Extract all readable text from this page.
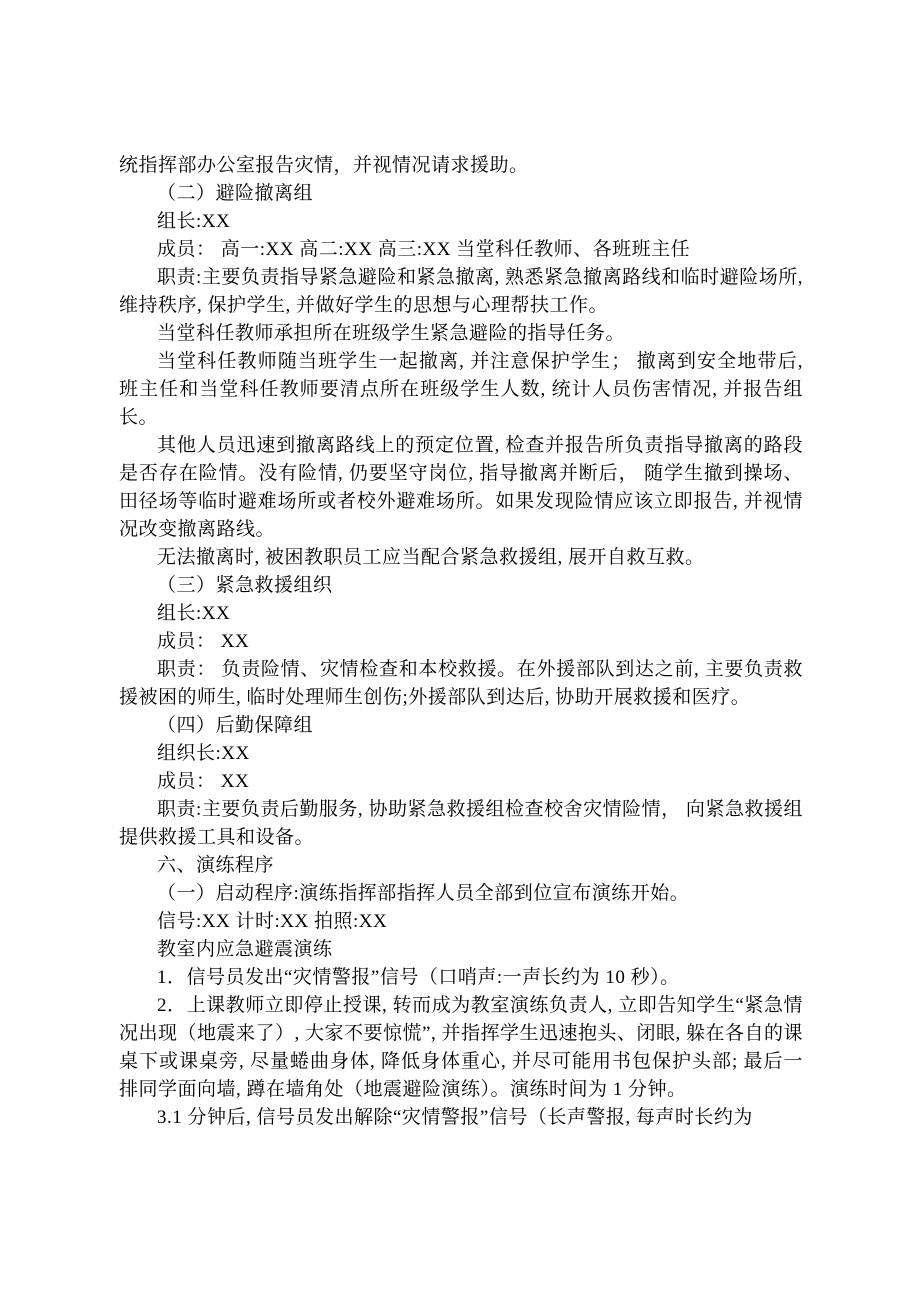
统指挥部办公室报告灾情，并视情况请求援助。

（二）避险撤离组

组长:XX

成员： 高一:XX 高二:XX 高三:XX 当堂科任教师、各班班主任

职责:主要负责指导紧急避险和紧急撤离, 熟悉紧急撤离路线和临时避险场所, 维持秩序, 保护学生, 并做好学生的思想与心理帮扶工作。

当堂科任教师承担所在班级学生紧急避险的指导任务。

当堂科任教师随当班学生一起撤离, 并注意保护学生； 撤离到安全地带后, 班主任和当堂科任教师要清点所在班级学生人数, 统计人员伤害情况, 并报告组长。

其他人员迅速到撤离路线上的预定位置, 检查并报告所负责指导撤离的路段是否存在险情。没有险情, 仍要坚守岗位, 指导撤离并断后， 随学生撤到操场、田径场等临时避难场所或者校外避难场所。如果发现险情应该立即报告, 并视情况改变撤离路线。

无法撤离时, 被困教职员工应当配合紧急救援组, 展开自救互救。

（三）紧急救援组织

组长:XX

成员： XX

职责： 负责险情、灾情检查和本校救援。在外援部队到达之前, 主要负责救援被困的师生, 临时处理师生创伤;外援部队到达后, 协助开展救援和医疗。

（四）后勤保障组

组织长:XX

成员： XX

职责:主要负责后勤服务, 协助紧急救援组检查校舍灾情险情， 向紧急救援组提供救援工具和设备。

六、演练程序

（一）启动程序:演练指挥部指挥人员全部到位宣布演练开始。

信号:XX 计时:XX 拍照:XX

教室内应急避震演练

1．信号员发出“灾情警报”信号（口哨声:一声长约为 10 秒）。

2．上课教师立即停止授课, 转而成为教室演练负责人, 立即告知学生“紧急情况出现（地震来了）, 大家不要惊慌”, 并指挥学生迅速抱头、闭眼, 躲在各自的课桌下或课桌旁, 尽量蜷曲身体, 降低身体重心, 并尽可能用书包保护头部; 最后一排同学面向墙, 蹲在墙角处（地震避险演练）。演练时间为 1 分钟。

3.1 分钟后, 信号员发出解除“灾情警报”信号（长声警报, 每声时长约为
